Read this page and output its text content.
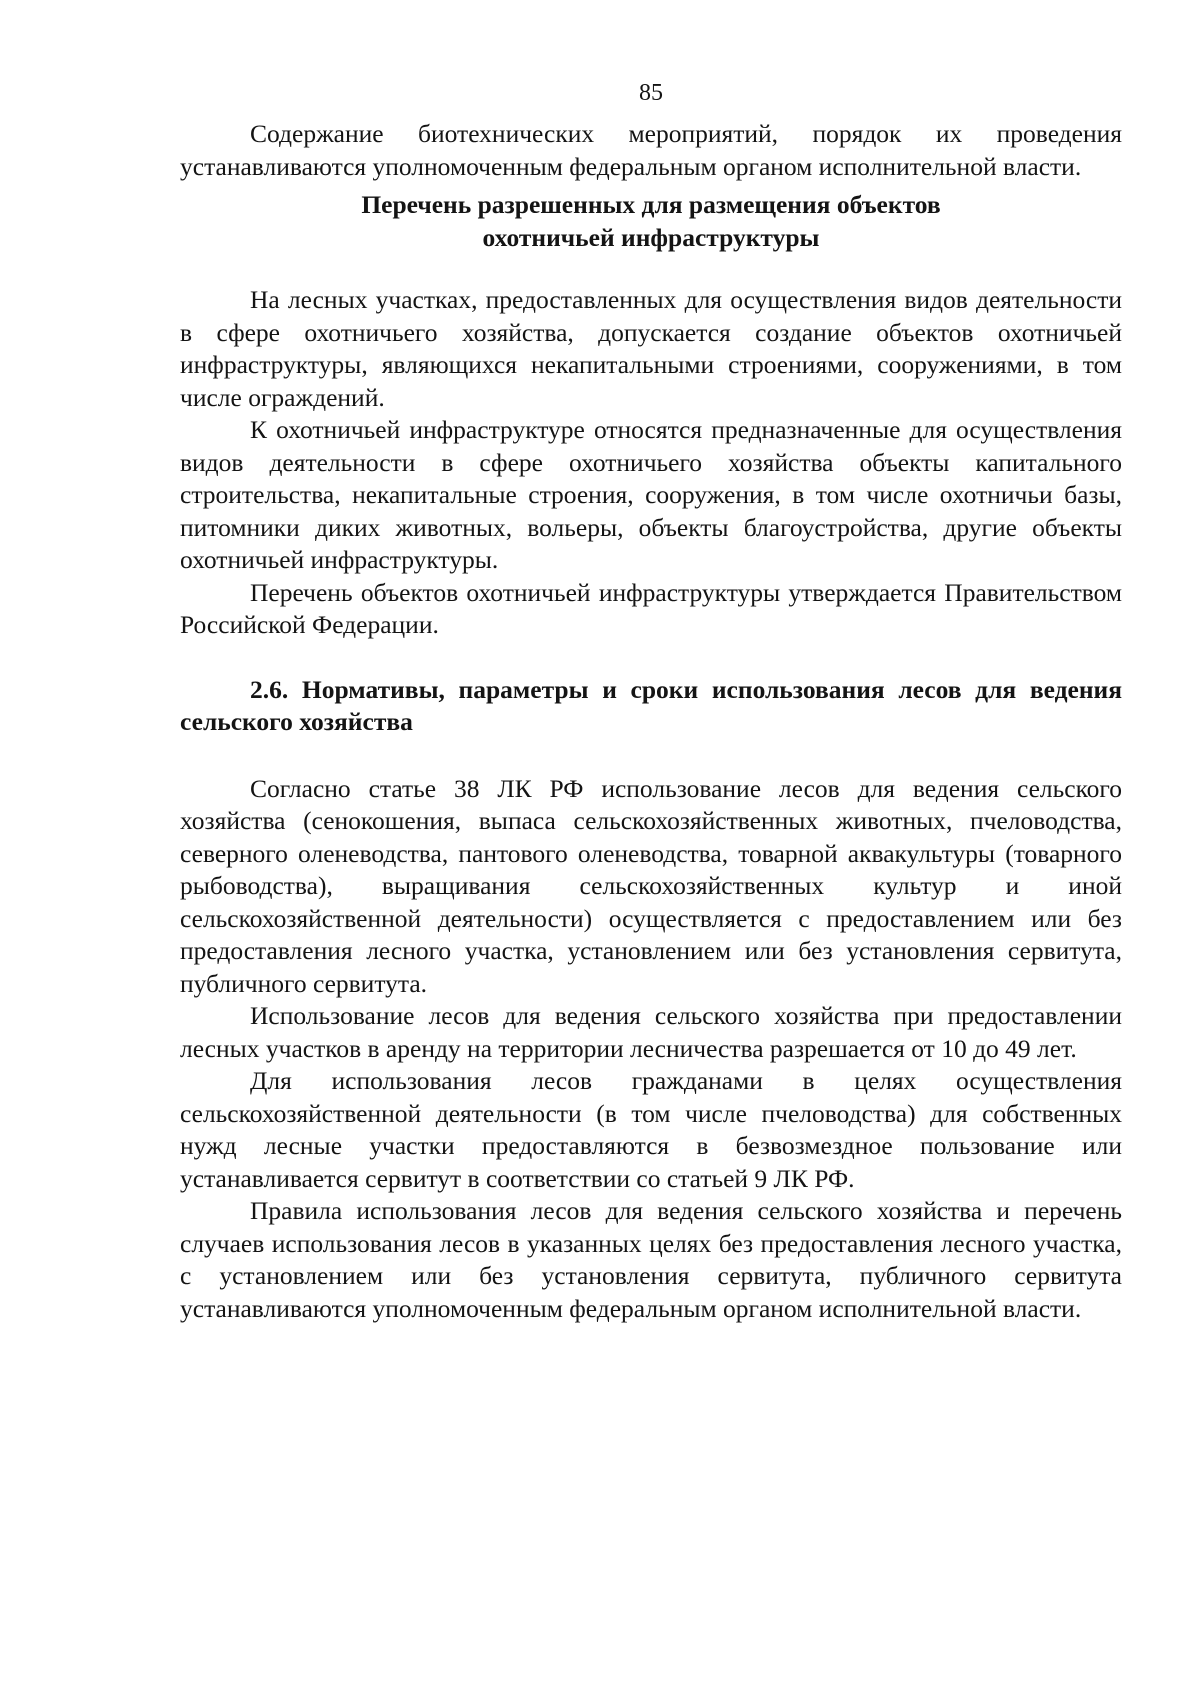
85

Содержание биотехнических мероприятий, порядок их проведения устанавливаются уполномоченным федеральным органом исполнительной власти.

Перечень разрешенных для размещения объектов
охотничьей инфраструктуры

На лесных участках, предоставленных для осуществления видов деятельности в сфере охотничьего хозяйства, допускается создание объектов охотничьей инфраструктуры, являющихся некапитальными строениями, сооружениями, в том числе ограждений.

К охотничьей инфраструктуре относятся предназначенные для осуществления видов деятельности в сфере охотничьего хозяйства объекты капитального строительства, некапитальные строения, сооружения, в том числе охотничьи базы, питомники диких животных, вольеры, объекты благоустройства, другие объекты охотничьей инфраструктуры.

Перечень объектов охотничьей инфраструктуры утверждается Правительством Российской Федерации.

2.6. Нормативы, параметры и сроки использования лесов для ведения сельского хозяйства

Согласно статье 38 ЛК РФ использование лесов для ведения сельского хозяйства (сенокошения, выпаса сельскохозяйственных животных, пчеловодства, северного оленеводства, пантового оленеводства, товарной аквакультуры (товарного рыбоводства), выращивания сельскохозяйственных культур и иной сельскохозяйственной деятельности) осуществляется с предоставлением или без предоставления лесного участка, установлением или без установления сервитута, публичного сервитута.

Использование лесов для ведения сельского хозяйства при предоставлении лесных участков в аренду на территории лесничества разрешается от 10 до 49 лет.

Для использования лесов гражданами в целях осуществления сельскохозяйственной деятельности (в том числе пчеловодства) для собственных нужд лесные участки предоставляются в безвозмездное пользование или устанавливается сервитут в соответствии со статьей 9 ЛК РФ.

Правила использования лесов для ведения сельского хозяйства и перечень случаев использования лесов в указанных целях без предоставления лесного участка, с установлением или без установления сервитута, публичного сервитута устанавливаются уполномоченным федеральным органом исполнительной власти.
